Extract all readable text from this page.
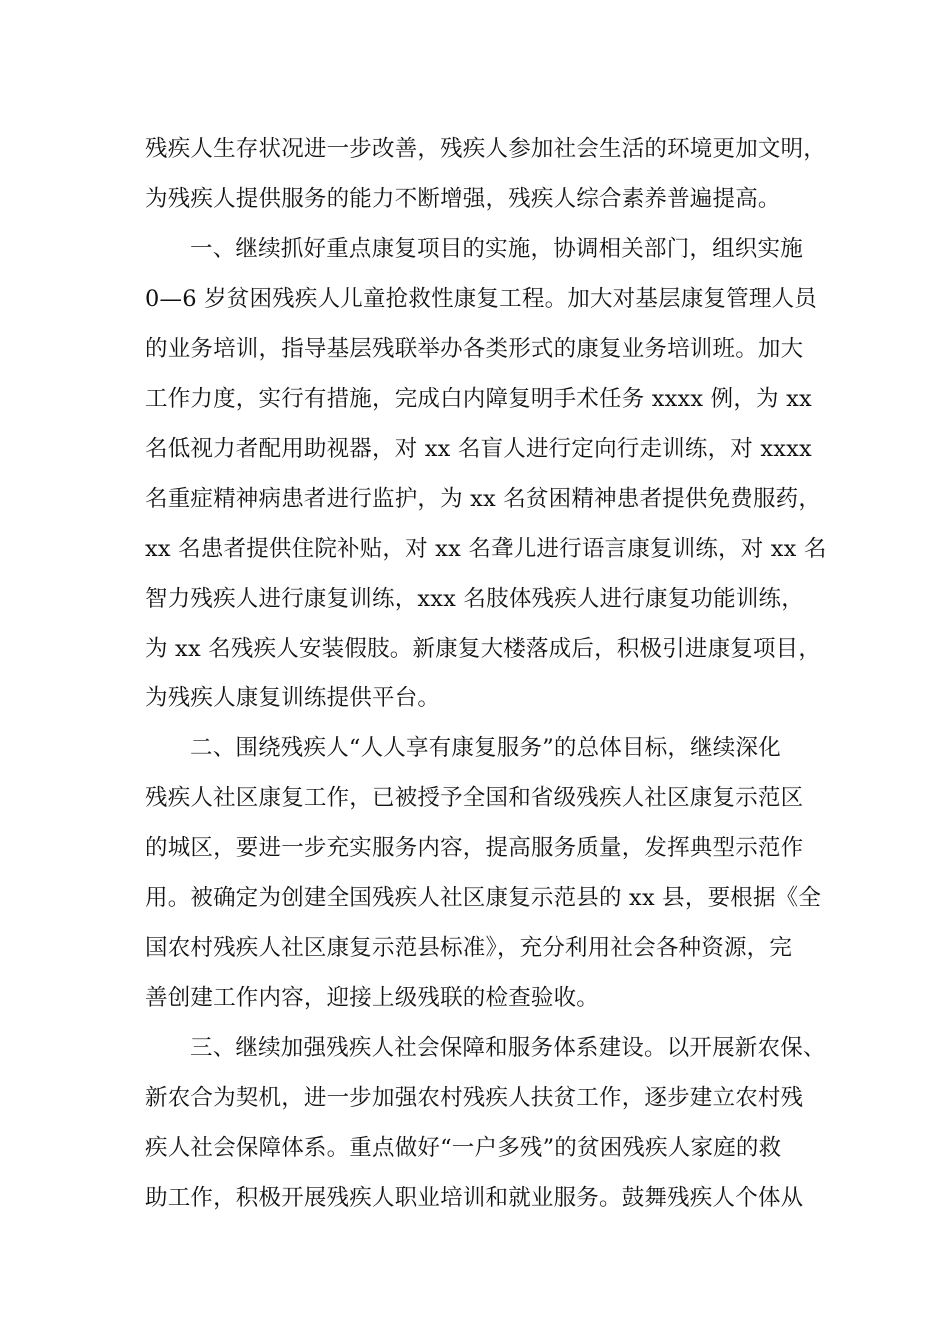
残疾人生存状况进一步改善，残疾人参加社会生活的环境更加文明，
为残疾人提供服务的能力不断增强，残疾人综合素养普遍提高。
一、继续抓好重点康复项目的实施，协调相关部门，组织实施
0—6 岁贫困残疾人儿童抢救性康复工程。加大对基层康复管理人员
的业务培训，指导基层残联举办各类形式的康复业务培训班。加大
工作力度，实行有措施，完成白内障复明手术任务 xxxx 例，为 xx
名低视力者配用助视器，对 xx 名盲人进行定向行走训练，对 xxxx
名重症精神病患者进行监护，为 xx 名贫困精神患者提供免费服药，
xx 名患者提供住院补贴，对 xx 名聋儿进行语言康复训练，对 xx 名
智力残疾人进行康复训练，xxx 名肢体残疾人进行康复功能训练，
为 xx 名残疾人安装假肢。新康复大楼落成后，积极引进康复项目，
为残疾人康复训练提供平台。
二、围绕残疾人“人人享有康复服务”的总体目标，继续深化
残疾人社区康复工作，已被授予全国和省级残疾人社区康复示范区
的城区，要进一步充实服务内容，提高服务质量，发挥典型示范作
用。被确定为创建全国残疾人社区康复示范县的 xx 县，要根据《全
国农村残疾人社区康复示范县标准》，充分利用社会各种资源，完
善创建工作内容，迎接上级残联的检查验收。
三、继续加强残疾人社会保障和服务体系建设。以开展新农保、
新农合为契机，进一步加强农村残疾人扶贫工作，逐步建立农村残
疾人社会保障体系。重点做好“一户多残”的贫困残疾人家庭的救
助工作，积极开展残疾人职业培训和就业服务。鼓舞残疾人个体从
